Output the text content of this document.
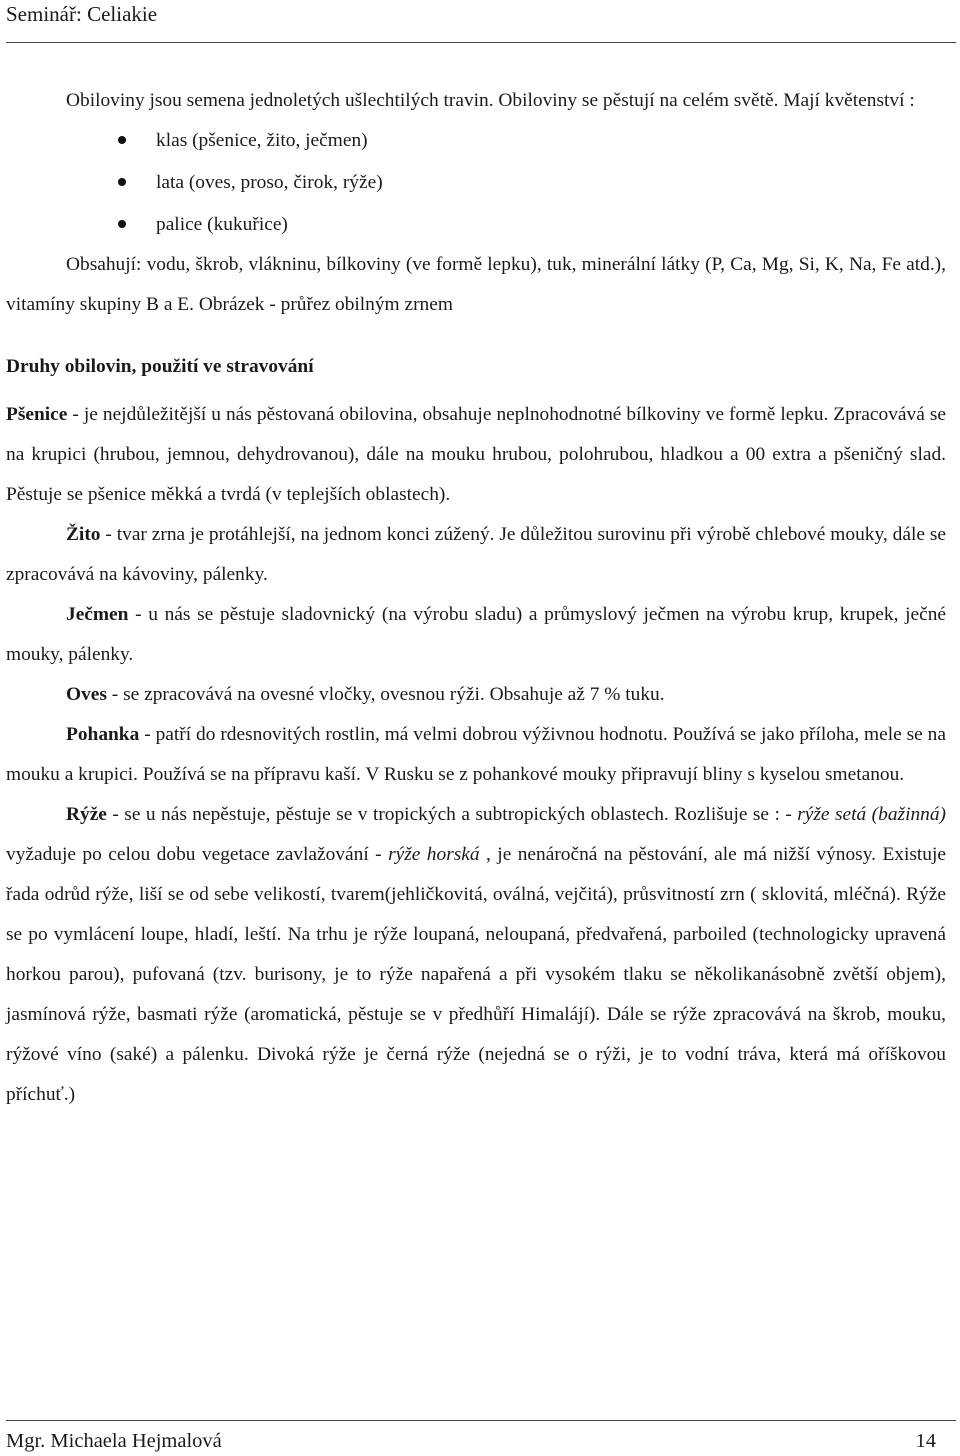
Seminář: Celiakie

Obiloviny jsou semena jednoletých ušlechtilých travin. Obiloviny se pěstují na celém světě. Mají květenství :

klas (pšenice, žito, ječmen)
lata (oves, proso, čirok, rýže)
palice (kukuřice)

Obsahují: vodu, škrob, vlákninu, bílkoviny (ve formě lepku), tuk, minerální látky (P, Ca, Mg, Si, K, Na, Fe atd.), vitamíny skupiny B a E. Obrázek - průřez obilným zrnem

Druhy obilovin, použití ve stravování

Pšenice - je nejdůležitější u nás pěstovaná obilovina, obsahuje neplnohodnotné bílkoviny ve formě lepku. Zpracovává se na krupici (hrubou, jemnou, dehydrovanou), dále na mouku hrubou, polohrubou, hladkou a 00 extra a pšeničný slad. Pěstuje se pšenice měkká a tvrdá (v teplejších oblastech).

Žito - tvar zrna je protáhlejší, na jednom konci zúžený. Je důležitou surovinu při výrobě chlebové mouky, dále se zpracovává na kávoviny, pálenky.

Ječmen - u nás se pěstuje sladovnický (na výrobu sladu) a průmyslový ječmen na výrobu krup, krupek, ječné mouky, pálenky.

Oves - se zpracovává na ovesné vločky, ovesnou rýži. Obsahuje až 7 % tuku.

Pohanka - patří do rdesnovitých rostlin, má velmi dobrou výživnou hodnotu. Používá se jako příloha, mele se na mouku a krupici. Používá se na přípravu kaší. V Rusku se z pohankové mouky připravují bliny s kyselou smetanou.

Rýže - se u nás nepěstuje, pěstuje se v tropických a subtropických oblastech. Rozlišuje se : - rýže setá (bažinná) vyžaduje po celou dobu vegetace zavlažování - rýže horská , je nenáročná na pěstování, ale má nižší výnosy. Existuje řada odrůd rýže, liší se od sebe velikostí, tvarem(jehličkovitá, oválná, vejčitá), průsvitností zrn ( sklovitá, mléčná). Rýže se po vymlácení loupe, hladí, leští. Na trhu je rýže loupaná, neloupaná, předvařená, parboiled (technologicky upravená horkou parou), pufovaná (tzv. burisony, je to rýže napařená a při vysokém tlaku se několikanásobně zvětší objem), jasmínová rýže, basmati rýže (aromatická, pěstuje se v předhůří Himalájí). Dále se rýže zpracovává na škrob, mouku, rýžové víno (saké) a pálenku. Divoká rýže je černá rýže (nejedná se o rýži, je to vodní tráva, která má oříškovou příchuť.)

Mgr. Michaela Hejmalová	14
